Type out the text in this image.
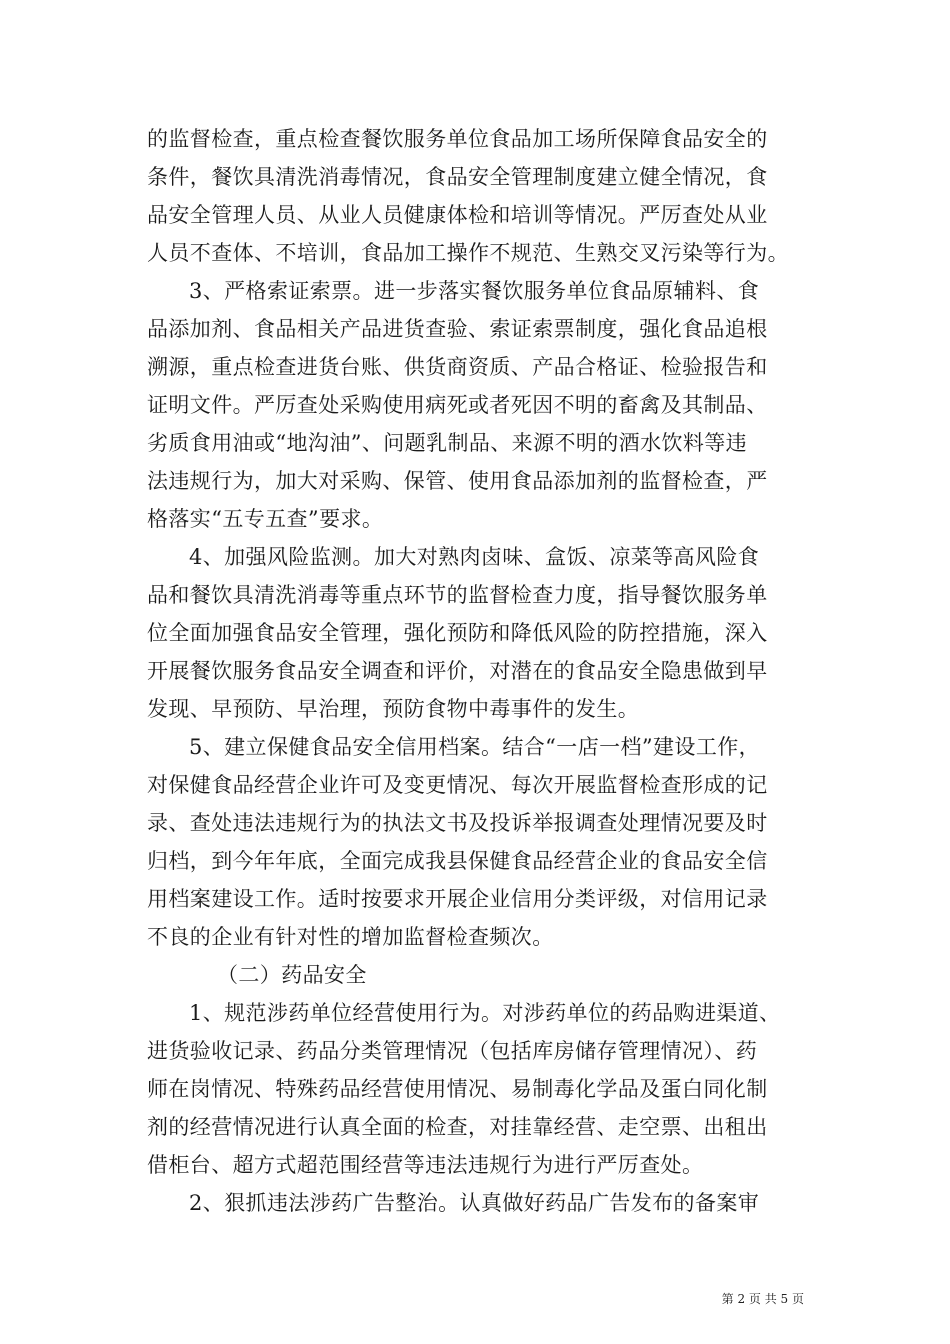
的监督检查，重点检查餐饮服务单位食品加工场所保障食品安全的
条件，餐饮具清洗消毒情况，食品安全管理制度建立健全情况，食
品安全管理人员、从业人员健康体检和培训等情况。严厉查处从业
人员不查体、不培训，食品加工操作不规范、生熟交叉污染等行为。
3、严格索证索票。进一步落实餐饮服务单位食品原辅料、食
品添加剂、食品相关产品进货查验、索证索票制度，强化食品追根
溯源，重点检查进货台账、供货商资质、产品合格证、检验报告和
证明文件。严厉查处采购使用病死或者死因不明的畜禽及其制品、
劣质食用油或“地沟油”、问题乳制品、来源不明的酒水饮料等违
法违规行为，加大对采购、保管、使用食品添加剂的监督检查，严
格落实“五专五查”要求。
4、加强风险监测。加大对熟肉卤味、盒饭、凉菜等高风险食
品和餐饮具清洗消毒等重点环节的监督检查力度，指导餐饮服务单
位全面加强食品安全管理，强化预防和降低风险的防控措施，深入
开展餐饮服务食品安全调查和评价，对潜在的食品安全隐患做到早
发现、早预防、早治理，预防食物中毒事件的发生。
5、建立保健食品安全信用档案。结合“一店一档”建设工作，
对保健食品经营企业许可及变更情况、每次开展监督检查形成的记
录、查处违法违规行为的执法文书及投诉举报调查处理情况要及时
归档，到今年年底，全面完成我县保健食品经营企业的食品安全信
用档案建设工作。适时按要求开展企业信用分类评级，对信用记录
不良的企业有针对性的增加监督检查频次。
（二）药品安全
1、规范涉药单位经营使用行为。对涉药单位的药品购进渠道、
进货验收记录、药品分类管理情况（包括库房储存管理情况）、药
师在岗情况、特殊药品经营使用情况、易制毒化学品及蛋白同化制
剂的经营情况进行认真全面的检查，对挂靠经营、走空票、出租出
借柜台、超方式超范围经营等违法违规行为进行严厉查处。
2、狠抓违法涉药广告整治。认真做好药品广告发布的备案审
第 2 页 共 5 页
